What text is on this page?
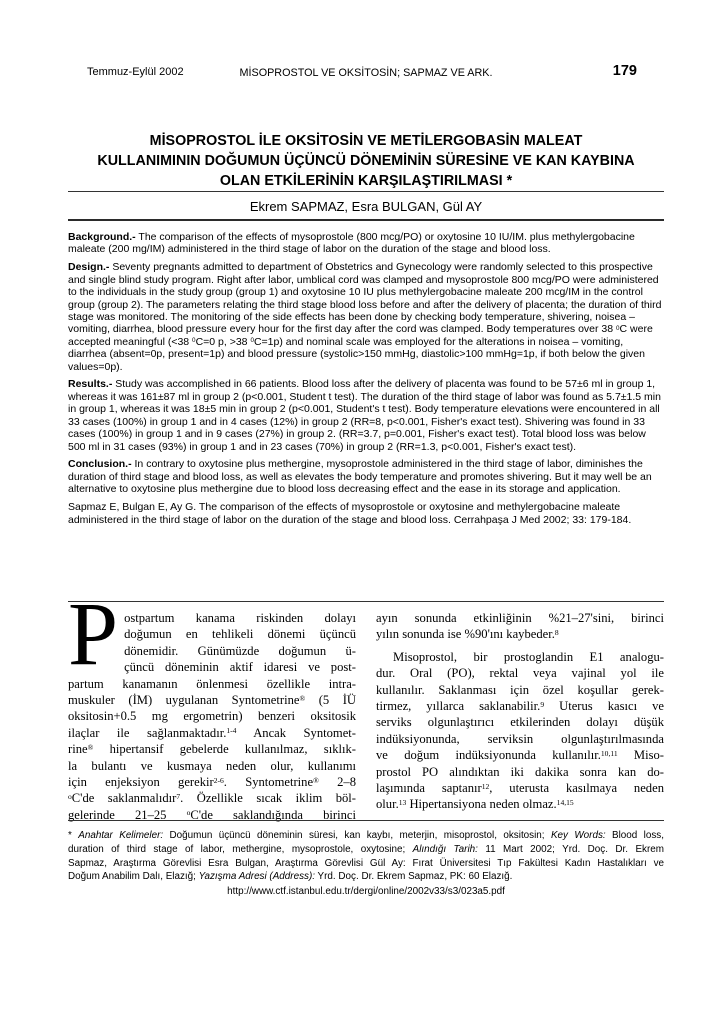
Temmuz-Eylül 2002	MİSOPROSTOL VE OKSİTOSİN; SAPMAZ VE ARK.	179
MİSOPROSTOL İLE OKSİTOSİN VE METİLERGOBASİN MALEAT
KULLANIMININ DOĞUMUN ÜÇÜNCÜ DÖNEMİNİN SÜRESİNE VE KAN KAYBINA
OLAN ETKİLERİNİN KARŞILAŞTIRILMASI *
Ekrem SAPMAZ, Esra BULGAN, Gül AY

Background.- The comparison of the effects of mysoprostole (800 mcg/PO) or oxytosine 10 IU/IM. plus methylergobacine maleate (200 mg/IM) administered in the third stage of labor on the duration of the stage and blood loss.

Design.- Seventy pregnants admitted to department of Obstetrics and Gynecology were randomly selected to this prospective and single blind study program. Right after labor, umblical cord was clamped and mysoprostole 800 mcg/PO were administered to the individuals in the study group (group 1) and oxytosine 10 IU plus methylergobacine maleate 200 mcg/IM in the control group (group 2). The parameters relating the third stage blood loss before and after the delivery of placenta; the duration of third stage was monitored. The monitoring of the side effects has been done by checking body temperature, shivering, noisea – vomiting, diarrhea, blood pressure every hour for the first day after the cord was clamped. Body temperatures over 38 $^0$C were accepted meaningful (<38 $^0$C=0 p, >38 $^0$C=1p) and nominal scale was employed for the alterations in noisea – vomiting, diarrhea (absent=0p, present=1p) and blood pressure (systolic>150 mmHg, diastolic>100 mmHg=1p, if both below the given values=0p).

Results.- Study was accomplished in 66 patients. Blood loss after the delivery of placenta was found to be 57±6 ml in group 1, whereas it was 161±87 ml in group 2 (p<0.001, Student t test). The duration of the third stage of labor was found as 5.7±1.5 min in group 1, whereas it was 18±5 min in group 2 (p<0.001, Student's t test). Body temperature elevations were encountered in all 33 cases (100%) in group 1 and in 4 cases (12%) in group 2 (RR=8, p<0.001, Fisher's exact test). Shivering was found in 33 cases (100%) in group 1 and in 9 cases (27%) in group 2. (RR=3.7, p=0.001, Fisher's exact test). Total blood loss was below 500 ml in 31 cases (93%) in group 1 and in 23 cases (70%) in group 2 (RR=1.3, p<0.001, Fisher's exact test).

Conclusion.- In contrary to oxytosine plus methergine, mysoprostole administered in the third stage of labor, diminishes the duration of third stage and blood loss, as well as elevates the body temperature and promotes shivering. But it may well be an alternative to oxytosine plus methergine due to blood loss decreasing effect and the ease in its storage and application.

Sapmaz E, Bulgan E, Ay G. The comparison of the effects of mysoprostole or oxytosine and methylergobacine maleate administered in the third stage of labor on the duration of the stage and blood loss. Cerrahpaşa J Med 2002; 33: 179-184.

P ostpartum kanama riskinden dolayı
doğumun en tehlikeli dönemi üçüncü
dönemidir. Günümüzde doğumun ü-
çüncü döneminin aktif idaresi ve post-
partum kanamanın önlenmesi özellikle intra-
muskuler (İM) uygulanan Syntometrine® (5 İÜ
oksitosin+0.5 mg ergometrin) benzeri oksitosik
ilaçlar ile sağlanmaktadır.$^{1-4}$ Ancak Syntomet-
rine® hipertansif gebelerde kullanılmaz, sıklık-
la bulantı ve kusmaya neden olur, kullanımı
için enjeksiyon gerekir$^{2-6}$. Syntometrine® 2–8
$^o$C'de saklanmalıdır$^7$. Özellikle sıcak iklim böl-
gelerinde 21–25 $^o$C'de saklandığında birinci
ayın sonunda etkinliğinin %21–27'sini, birinci
yılın sonunda ise %90'ını kaybeder.$^8$
Misoprostol, bir prostoglandin E1 analogu-
dur. Oral (PO), rektal veya vajinal yol ile
kullanılır. Saklanması için özel koşullar gerek-
tirmez, yıllarca saklanabilir.$^9$ Uterus kasıcı ve
serviks olgunlaştırıcı etkilerinden dolayı düşük
indüksiyonunda, serviksin olgunlaştırılmasında
ve doğum indüksiyonunda kullanılır.$^{10,11}$ Miso-
prostol PO alındıktan iki dakika sonra kan do-
laşımında saptanır$^{12}$, uterusta kasılmaya neden
olur.$^{13}$ Hipertansiyona neden olmaz.$^{14,15}$
* Anahtar Kelimeler: Doğumun üçüncü döneminin süresi, kan kaybı, meterjin, misoprostol, oksitosin; Key Words: Blood loss,
duration of third stage of labor, methergine, mysoprostole, oxytosine; Alındığı Tarih: 11 Mart 2002; Yrd. Doç. Dr. Ekrem
Sapmaz, Araştırma Görevlisi Esra Bulgan, Araştırma Görevlisi Gül Ay: Fırat Üniversitesi Tıp Fakültesi Kadın Hastalıkları ve
Doğum Anabilim Dalı, Elazığ; Yazışma Adresi (Address): Yrd. Doç. Dr. Ekrem Sapmaz, PK: 60 Elazığ.
http://www.ctf.istanbul.edu.tr/dergi/online/2002v33/s3/023a5.pdf
